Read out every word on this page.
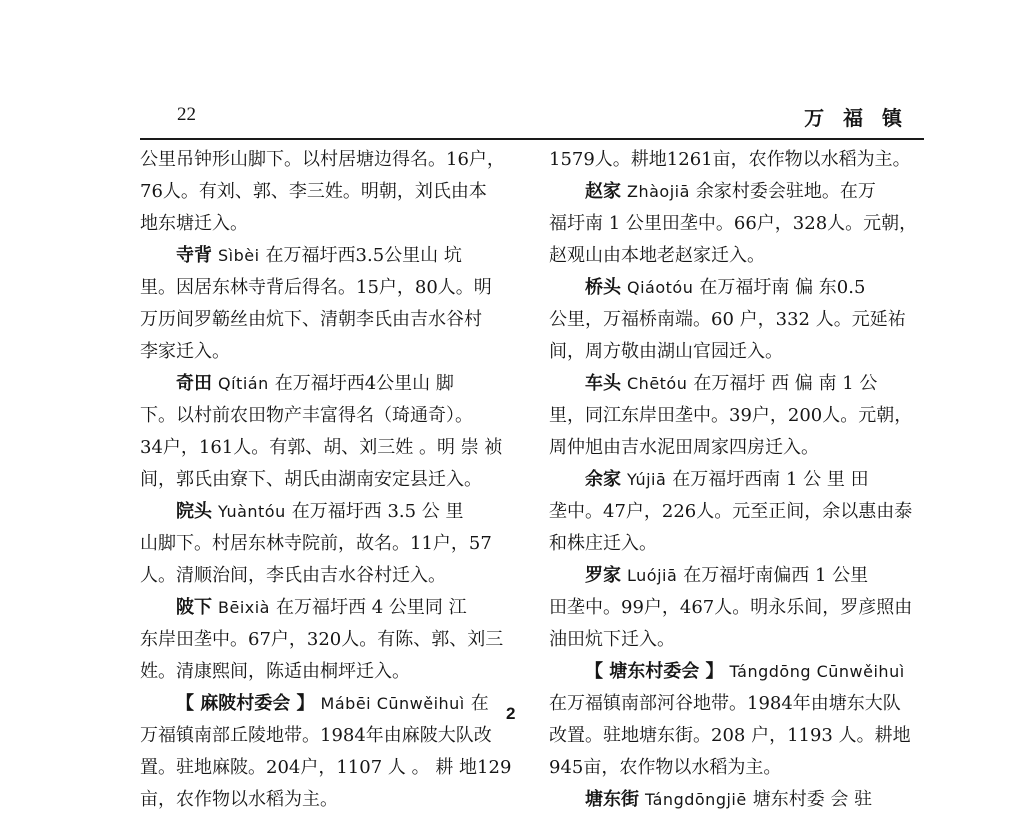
22	万 福 镇
公里吊钟形山脚下。以村居塘边得名。16户，
76人。有刘、郭、李三姓。明朝，刘氏由本
地东塘迁入。
寺背 Sìbèi 在万福圩西3.5公里山 坑
里。因居东林寺背后得名。15户，80人。明
万历间罗簕丝由炕下、清朝李氏由吉水谷村
李家迁入。
奇田 Qítián 在万福圩西4公里山 脚
下。以村前农田物产丰富得名（琦通奇）。
34户，161人。有郭、胡、刘三姓 。明 崇 祯
间，郭氏由寮下、胡氏由湖南安定县迁入。
院头 Yuàntóu 在万福圩西 3.5 公 里
山脚下。村居东林寺院前，故名。11户，57
人。清顺治间，李氏由吉水谷村迁入。
陂下 Bēixià 在万福圩西 4 公里同 江
东岸田垄中。67户，320人。有陈、郭、刘三
姓。清康熙间，陈适由桐坪迁入。
【 麻陂村委会 】 Mábēi Cūnwěihuì 在
万福镇南部丘陵地带。1984年由麻陂大队改
置。驻地麻陂。204户，1107 人 。 耕 地129
亩，农作物以水稻为主。
1579人。耕地1261亩，农作物以水稻为主。
赵家 Zhàojiā 余家村委会驻地。在万
福圩南 1 公里田垄中。66户，328人。元朝，
赵观山由本地老赵家迁入。
桥头 Qiáotóu 在万福圩南 偏 东0.5
公里，万福桥南端。60 户，332 人。元延祐
间，周方敬由湖山官园迁入。
车头 Chētóu 在万福圩 西 偏 南 1 公
里，同江东岸田垄中。39户，200人。元朝，
周仲旭由吉水泥田周家四房迁入。
余家 Yújiā 在万福圩西南 1 公 里 田
垄中。47户，226人。元至正间，余以惠由泰
和株庄迁入。
罗家 Luójiā 在万福圩南偏西 1 公里
田垄中。99户，467人。明永乐间，罗彦照由
油田炕下迁入。
【 塘东村委会 】 Tángdōng Cūnwěihuì
在万福镇南部河谷地带。1984年由塘东大队
改置。驻地塘东街。208 户，1193 人。耕地
945亩，农作物以水稻为主。
塘东街 Tángdōngjiē 塘东村委 会 驻
2
